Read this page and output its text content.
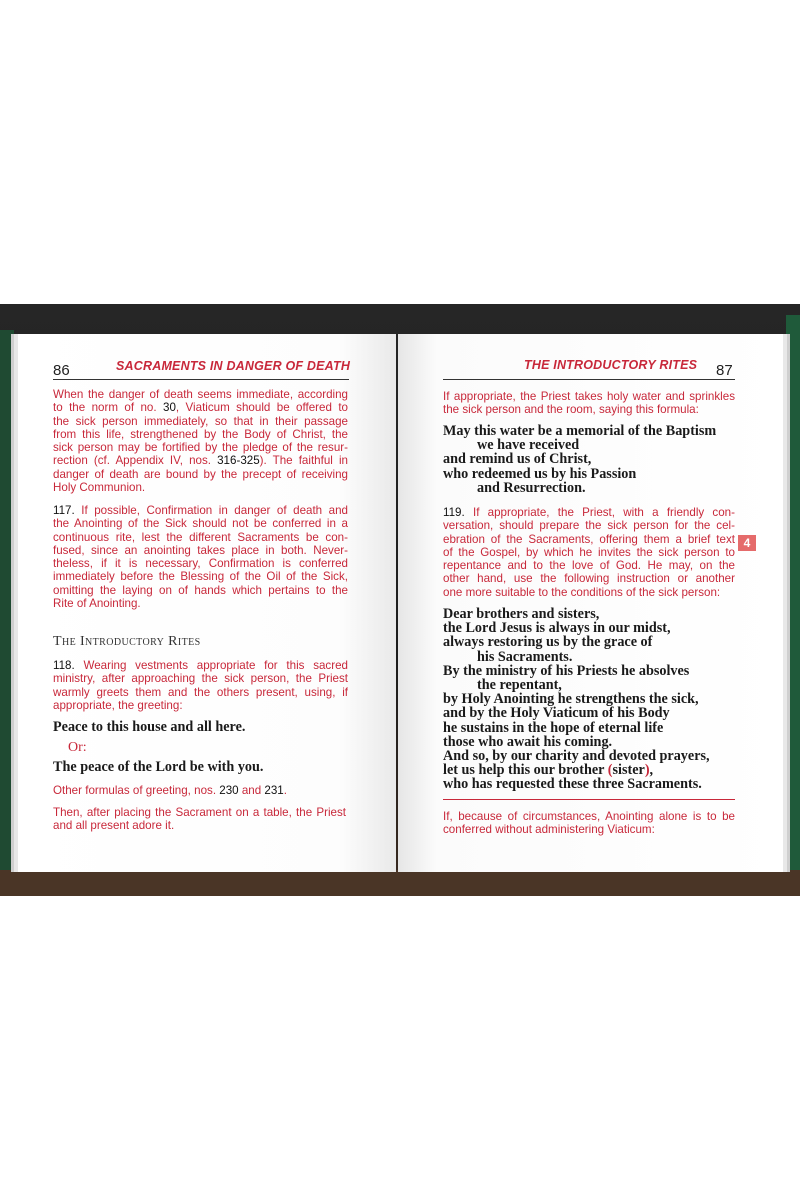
86	SACRAMENTS IN DANGER OF DEATH
When the danger of death seems immediate, according
to the norm of no. 30, Viaticum should be offered to
the sick person immediately, so that in their passage
from this life, strengthened by the Body of Christ, the
sick person may be fortified by the pledge of the resur-
rection (cf. Appendix IV, nos. 316-325). The faithful in
danger of death are bound by the precept of receiving
Holy Communion.
117. If possible, Confirmation in danger of death and
the Anointing of the Sick should not be conferred in a
continuous rite, lest the different Sacraments be con-
fused, since an anointing takes place in both. Never-
theless, if it is necessary, Confirmation is conferred
immediately before the Blessing of the Oil of the Sick,
omitting the laying on of hands which pertains to the
Rite of Anointing.
The Introductory Rites
118. Wearing vestments appropriate for this sacred
ministry, after approaching the sick person, the Priest
warmly greets them and the others present, using, if
appropriate, the greeting:
Peace to this house and all here.
Or:
The peace of the Lord be with you.
Other formulas of greeting, nos. 230 and 231.
Then, after placing the Sacrament on a table, the Priest
and all present adore it.
THE INTRODUCTORY RITES 87
If appropriate, the Priest takes holy water and sprinkles
the sick person and the room, saying this formula:
May this water be a memorial of the Baptism
we have received
and remind us of Christ,
who redeemed us by his Passion
and Resurrection.
119. If appropriate, the Priest, with a friendly con-
versation, should prepare the sick person for the cel-
ebration of the Sacraments, offering them a brief text
of the Gospel, by which he invites the sick person to
repentance and to the love of God. He may, on the
other hand, use the following instruction or another
one more suitable to the conditions of the sick person:
Dear brothers and sisters,
the Lord Jesus is always in our midst,
always restoring us by the grace of
his Sacraments.
By the ministry of his Priests he absolves
the repentant,
by Holy Anointing he strengthens the sick,
and by the Holy Viaticum of his Body
he sustains in the hope of eternal life
those who await his coming.
And so, by our charity and devoted prayers,
let us help this our brother (sister),
who has requested these three Sacraments.
If, because of circumstances, Anointing alone is to be
conferred without administering Viaticum:
4
